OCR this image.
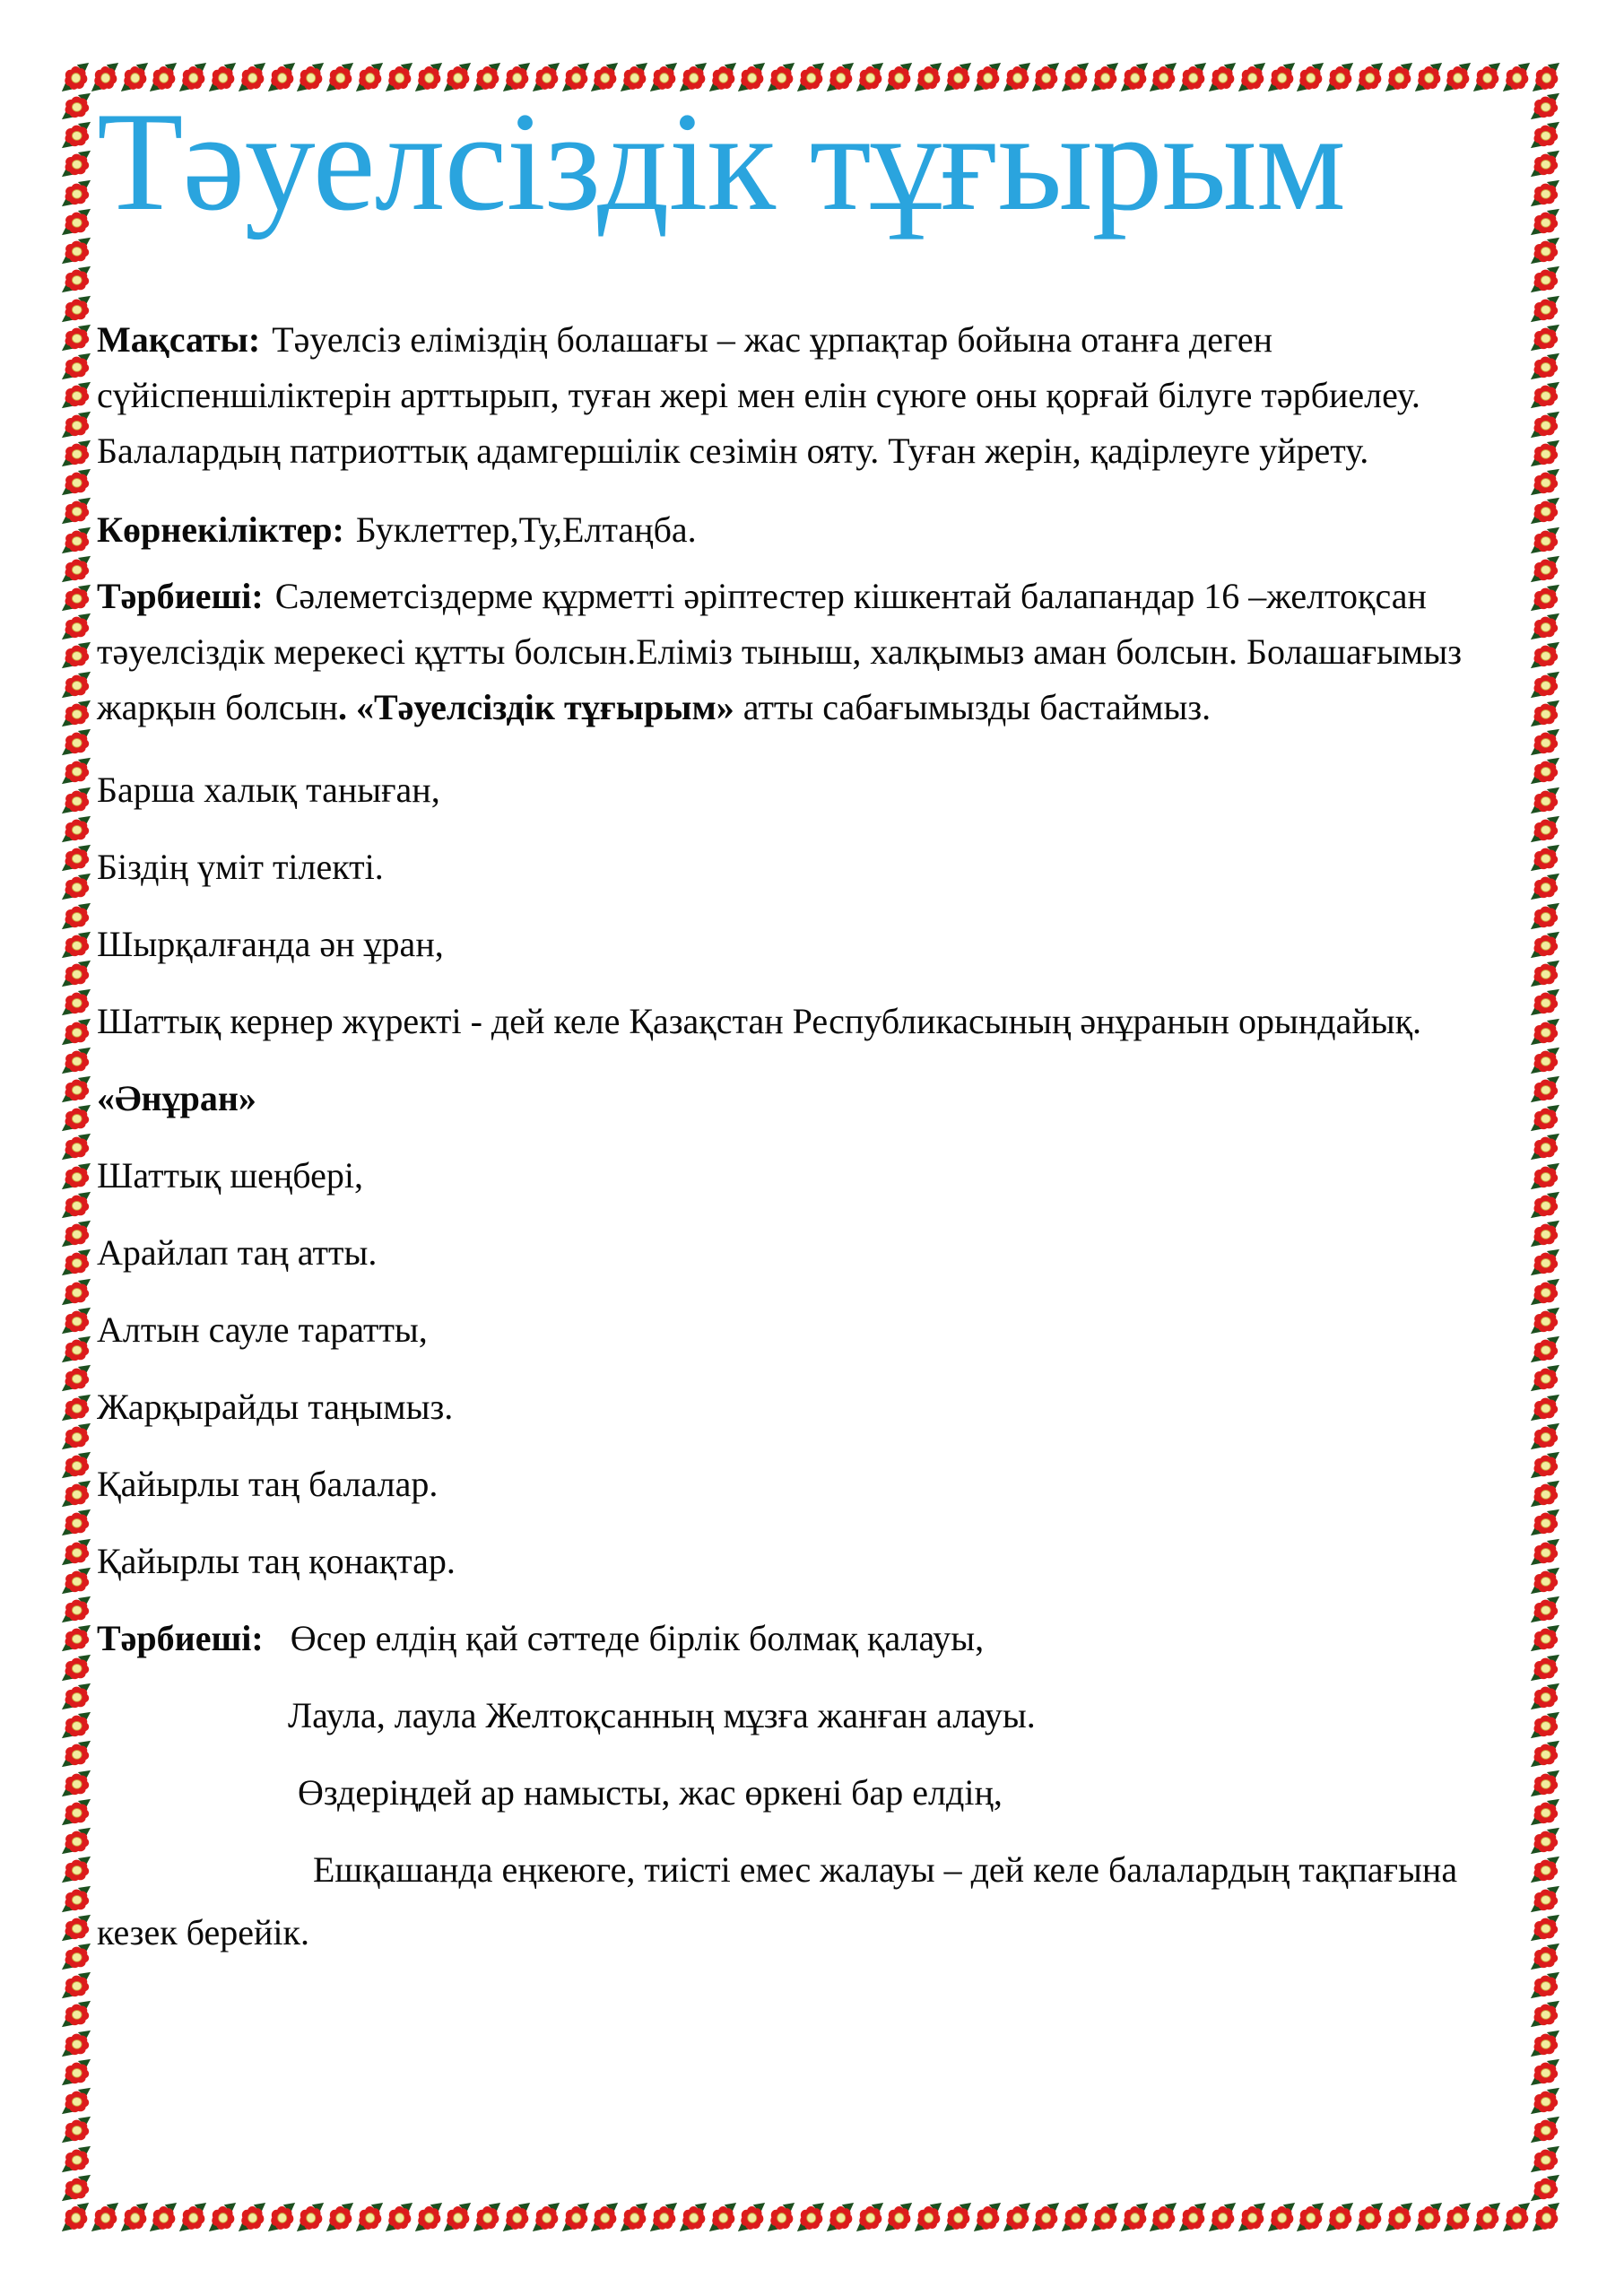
Тәуелсіздік тұғырым

Мақсаты: Тәуелсіз еліміздің болашағы – жас ұрпақтар бойына отанға деген сүйіспеншіліктерін арттырып, туған жері мен елін сүюге оны қорғай білуге тәрбиелеу. Балалардың патриоттық адамгершілік сезімін ояту. Туған жерін, қадірлеуге уйрету.

Көрнекіліктер: Буклеттер,Ту,Елтаңба.

Тәрбиеші: Сәлеметсіздерме құрметті әріптестер кішкентай балапандар 16 –желтоқсан тәуелсіздік мерекесі құтты болсын.Еліміз тыныш, халқымыз аман болсын. Болашағымыз жарқын болсын. «Тәуелсіздік тұғырым» атты сабағымызды бастаймыз.

Барша халық таныған,
Біздің үміт тілекті.
Шырқалғанда ән ұран,
Шаттық кернер жүректі - дей келе Қазақстан Республикасының әнұранын орындайық.
«Әнұран»
Шаттық шеңбері,
Арайлап таң атты.
Алтын сауле таратты,
Жарқырайды таңымыз.
Қайырлы таң балалар.
Қайырлы таң қонақтар.
Тәрбиеші: Өсер елдің қай сәттеде бірлік болмақ қалауы,
Лаула, лаула Желтоқсанның мұзға жанған алауы.
Өздеріңдей ар намысты, жас өркені бар елдің,
Ешқашанда еңкеюге, тиісті емес жалауы – дей келе балалардың тақпағына
кезек берейік.
